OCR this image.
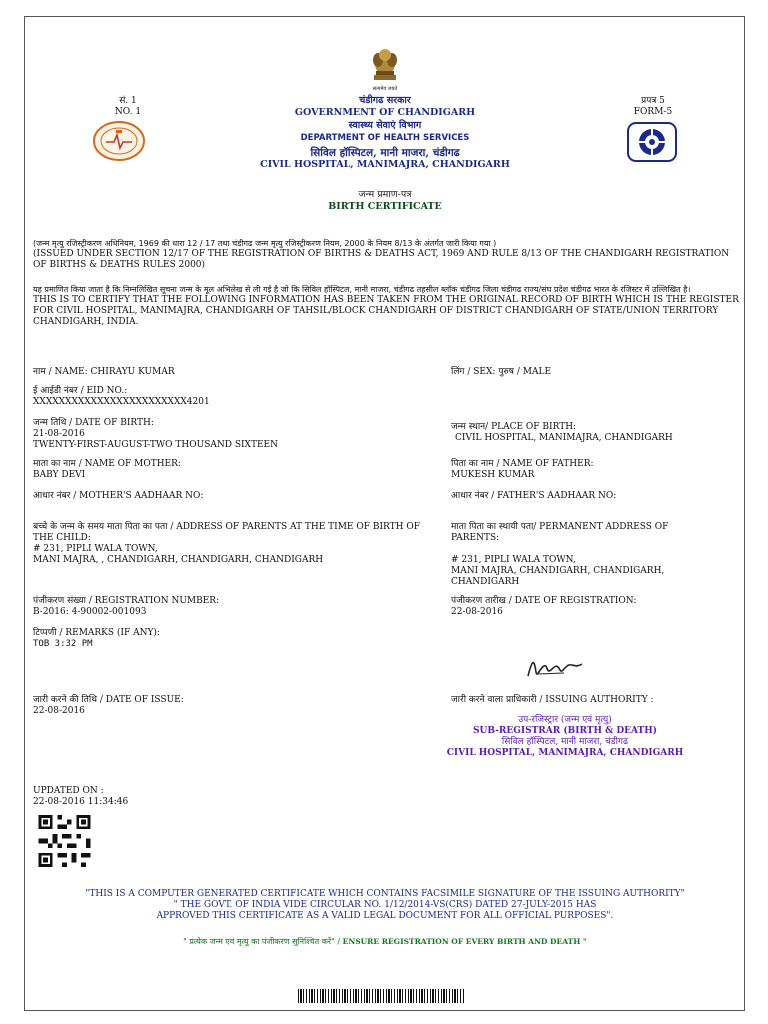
सत्यमेव जयते
सं. 1
NO. 1
प्रपत्र 5
FORM-5
चंडीगढ सरकार
GOVERNMENT OF CHANDIGARH
स्वास्थ्य सेवाएं विभाग
DEPARTMENT OF HEALTH SERVICES
सिविल हॉस्पिटल, मानी माजरा, चंडीगढ
CIVIL HOSPITAL, MANIMAJRA, CHANDIGARH
जन्म प्रमाण-पत्र
BIRTH CERTIFICATE
(जन्म मृत्यु रजिस्ट्रीकरण अधिनियम, 1969 की धारा 12 / 17 तथा चंडीगढ जन्म मृत्यु रजिस्ट्रीकरण नियम, 2000 के नियम 8/13 के अंतर्गत जारी किया गया )
(ISSUED UNDER SECTION 12/17 OF THE REGISTRATION OF BIRTHS & DEATHS ACT, 1969 AND RULE 8/13 OF THE CHANDIGARH REGISTRATION OF BIRTHS & DEATHS RULES 2000)
यह प्रमाणित किया जाता है कि निम्नलिखित सूचना जन्म के मूल अभिलेख से ली गई है जो कि सिविल हॉस्पिटल, मानी माजरा, चंडीगढ तहसील ब्लॉक चंडीगढ जिला चंडीगढ राज्य/संघ प्रदेश चंडीगढ भारत के रजिस्टर में उल्लिखित है।
THIS IS TO CERTIFY THAT THE FOLLOWING INFORMATION HAS BEEN TAKEN FROM THE ORIGINAL RECORD OF BIRTH WHICH IS THE REGISTER FOR CIVIL HOSPITAL, MANIMAJRA, CHANDIGARH OF TAHSIL/BLOCK CHANDIGARH OF DISTRICT CHANDIGARH OF STATE/UNION TERRITORY CHANDIGARH, INDIA.
नाम / NAME: CHIRAYU KUMAR	लिंग / SEX: पुरुष / MALE
ई आईडी नंबर / EID NO.:
XXXXXXXXXXXXXXXXXXXXXXXX4201
जन्म तिथि / DATE OF BIRTH:
21-08-2016
TWENTY-FIRST-AUGUST-TWO THOUSAND SIXTEEN
जन्म स्थान/ PLACE OF BIRTH:
CIVIL HOSPITAL, MANIMAJRA, CHANDIGARH
माता का नाम / NAME OF MOTHER:
BABY DEVI
पिता का नाम / NAME OF FATHER:
MUKESH KUMAR
आधार नंबर / MOTHER'S AADHAAR NO:	आधार नंबर / FATHER'S AADHAAR NO:
बच्चे के जन्म के समय माता पिता का पता / ADDRESS OF PARENTS AT THE TIME OF BIRTH OF THE CHILD:
# 231, PIPLI WALA TOWN,
MANI MAJRA, , CHANDIGARH, CHANDIGARH, CHANDIGARH
माता पिता का स्थायी पता/ PERMANENT ADDRESS OF PARENTS:
# 231, PIPLI WALA TOWN,
MANI MAJRA, CHANDIGARH, CHANDIGARH,
CHANDIGARH
पंजीकरण संख्या / REGISTRATION NUMBER:
B-2016: 4-90002-001093
पंजीकरण तारीख / DATE OF REGISTRATION:
22-08-2016
टिप्पणी / REMARKS (IF ANY):
TOB 3:32 PM
जारी करने की तिथि / DATE OF ISSUE:
22-08-2016
जारी करने वाला प्राधिकारी / ISSUING AUTHORITY :
उप-रजिस्ट्रार (जन्म एवं मृत्यु)
SUB-REGISTRAR (BIRTH & DEATH)
सिविल हॉस्पिटल, मानी माजरा, चंडीगढ
CIVIL HOSPITAL, MANIMAJRA, CHANDIGARH
UPDATED ON :
22-08-2016 11:34:46
"THIS IS A COMPUTER GENERATED CERTIFICATE WHICH CONTAINS FACSIMILE SIGNATURE OF THE ISSUING AUTHORITY"
" THE GOVT. OF INDIA VIDE CIRCULAR NO. 1/12/2014-VS(CRS) DATED 27-JULY-2015 HAS
APPROVED THIS CERTIFICATE AS A VALID LEGAL DOCUMENT FOR ALL OFFICIAL PURPOSES".
" प्रत्येक जन्म एवं मृत्यु का पंजीकरण सुनिश्चित करें" / ENSURE REGISTRATION OF EVERY BIRTH AND DEATH "
